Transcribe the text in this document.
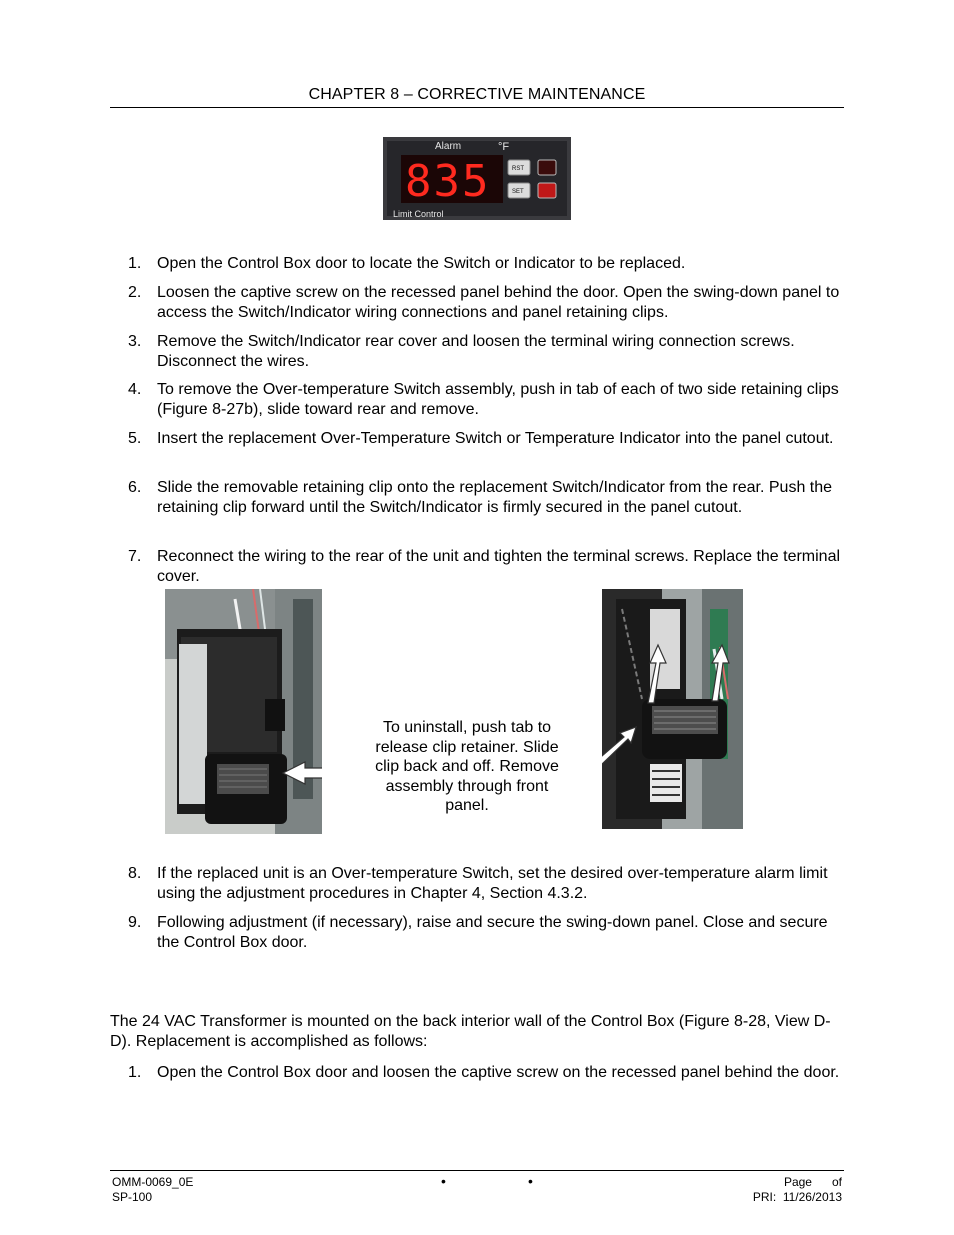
CHAPTER 8 – CORRECTIVE MAINTENANCE
Alarm	°F
835	RST
SET
Limit Control
1. Open the Control Box door to locate the Switch or Indicator to be replaced.
2. Loosen the captive screw on the recessed panel behind the door. Open the swing-down panel to access the Switch/Indicator wiring connections and panel retaining clips.
3. Remove the Switch/Indicator rear cover and loosen the terminal wiring connection screws. Disconnect the wires.
4. To remove the Over-temperature Switch assembly, push in tab of each of two side retaining clips (Figure 8-27b), slide toward rear and remove.
5. Insert the replacement Over-Temperature Switch or Temperature Indicator into the panel cutout.
6. Slide the removable retaining clip onto the replacement Switch/Indicator from the rear. Push the retaining clip forward until the Switch/Indicator is firmly secured in the panel cutout.
7. Reconnect the wiring to the rear of the unit and tighten the terminal screws. Replace the terminal cover.
To uninstall, push tab to release clip retainer. Slide clip back and off. Remove assembly through front panel.
8. If the replaced unit is an Over-temperature Switch, set the desired over-temperature alarm limit using the adjustment procedures in Chapter 4, Section 4.3.2.
9. Following adjustment (if necessary), raise and secure the swing-down panel. Close and secure the Control Box door.
The 24 VAC Transformer is mounted on the back interior wall of the Control Box (Figure 8-28, View D-D). Replacement is accomplished as follows:
1. Open the Control Box door and loosen the captive screw on the recessed panel behind the door.
OMM-0069_0E
SP-100
•	•	Page      of
PRI:  11/26/2013
